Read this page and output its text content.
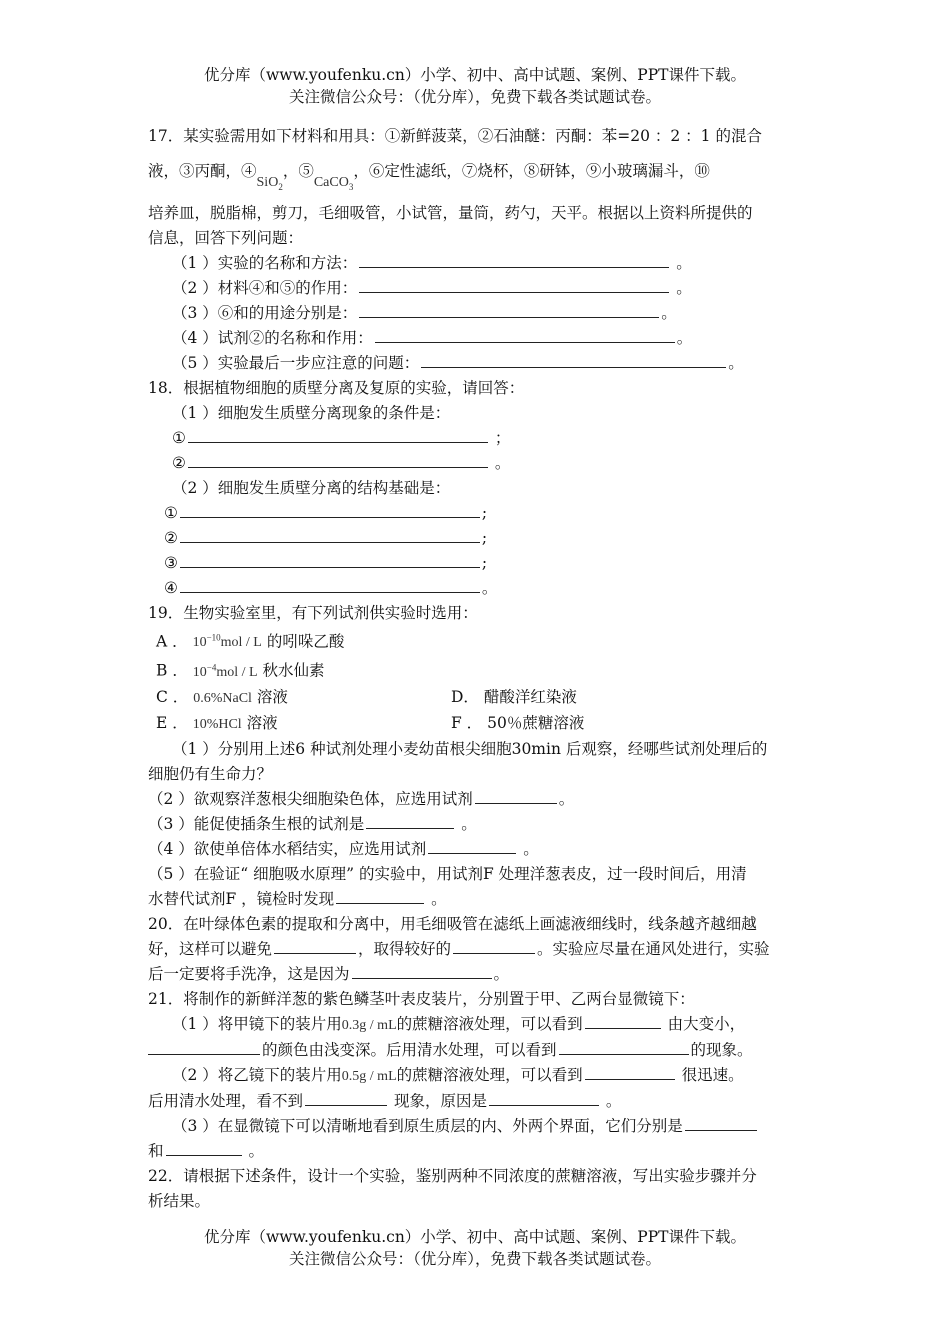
优分库（www.youfenku.cn）小学、初中、高中试题、案例、PPT课件下载。
关注微信公众号：（优分库），免费下载各类试题试卷。

17．某实验需用如下材料和用具：①新鲜菠菜，②石油醚：丙酮：苯=20 ：2 ：1 的混合

液，③丙酮，④SiO$_2$，⑤CaCO$_3$，⑥定性滤纸，⑦烧杯，⑧研钵，⑨小玻璃漏斗，⑩

培养皿，脱脂棉，剪刀，毛细吸管，小试管，量筒，药勺，天平。根据以上资料所提供的

信息，回答下列问题：

（1 ）实验的名称和方法：	。

（2 ）材料④和⑤的作用：	。

（3 ）⑥和的用途分别是：	。

（4 ）试剂②的名称和作用：	。

（5 ）实验最后一步应注意的问题：	。

18．根据植物细胞的质壁分离及复原的实验，请回答：

（1 ）细胞发生质壁分离现象的条件是：

①	；

②	。

（2 ）细胞发生质壁分离的结构基础是：

①	;

②	;

③	;

④	。

19．生物实验室里，有下列试剂供实验时选用：

A ． $10^{-10}mol$ / L 的吲哚乙酸

B ． $10^{-4}mol$ / L 秋水仙素

C ． 0.6%NaCl 溶液	D． 醋酸洋红染液

E ． 10%HCl 溶液	F ． 50％蔗糖溶液

（1 ）分别用上述6 种试剂处理小麦幼苗根尖细胞30min 后观察，经哪些试剂处理后的

细胞仍有生命力？

（2 ）欲观察洋葱根尖细胞染色体，应选用试剂	。

（3 ）能促使插条生根的试剂是	。

（4 ）欲使单倍体水稻结实，应选用试剂	。

（5 ）在验证“ 细胞吸水原理” 的实验中，用试剂F 处理洋葱表皮，过一段时间后，用清

水替代试剂F ，镜检时发现	。

20．在叶绿体色素的提取和分离中，用毛细吸管在滤纸上画滤液细线时，线条越齐越细越

好，这样可以避免	，取得较好的	。实验应尽量在通风处进行，实验

后一定要将手洗净，这是因为	。

21．将制作的新鲜洋葱的紫色鳞茎叶表皮装片，分别置于甲、乙两台显微镜下：

（1 ）将甲镜下的装片用0.3g / mL的蔗糖溶液处理，可以看到	由大变小，

的颜色由浅变深。后用清水处理，可以看到	的现象。

（2 ）将乙镜下的装片用0.5g / mL的蔗糖溶液处理，可以看到	很迅速。

后用清水处理，看不到	现象，原因是	。

（3 ）在显微镜下可以清晰地看到原生质层的内、外两个界面，它们分别是

和	。

22．请根据下述条件，设计一个实验，鉴别两种不同浓度的蔗糖溶液，写出实验步骤并分

析结果。

优分库（www.youfenku.cn）小学、初中、高中试题、案例、PPT课件下载。
关注微信公众号：（优分库），免费下载各类试题试卷。
